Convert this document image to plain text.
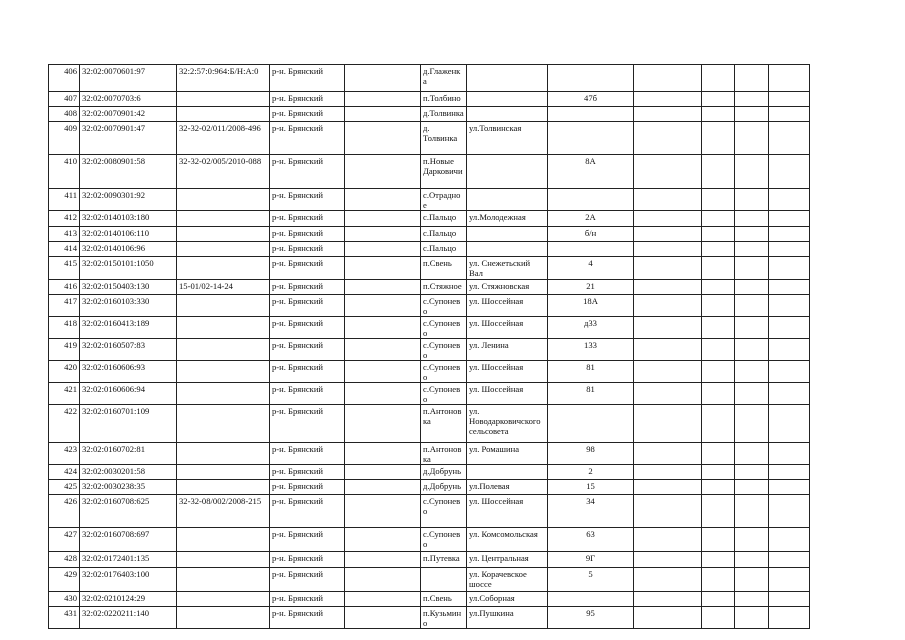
406	32:02:0070601:97	32:2:57:0:964:Б/Н:А:0	р-н. Брянский		д.Глаженка						
407	32:02:0070703:6		р-н. Брянский		п.Толбино		47б				
408	32:02:0070901:42		р-н. Брянский		д.Толвинка						
409	32:02:0070901:47	32-32-02/011/2008-496	р-н. Брянский		д. Толвинка	ул.Толвинская					
410	32:02:0080901:58	32-32-02/005/2010-088	р-н. Брянский		п.Новые Дарковичи		8А				
411	32:02:0090301:92		р-н. Брянский		с.Отрадное						
412	32:02:0140103:180		р-н. Брянский		с.Пальцо	ул.Молодежная	2А				
413	32:02:0140106:110		р-н. Брянский		с.Пальцо		б/н				
414	32:02:0140106:96		р-н. Брянский		с.Пальцо						
415	32:02:0150101:1050		р-н. Брянский		п.Свень	ул. Снежетьский Вал	4				
416	32:02:0150403:130	15-01/02-14-24	р-н. Брянский		п.Стяжное	ул. Стяжновская	21				
417	32:02:0160103:330		р-н. Брянский		с.Супонево	ул. Шоссейная	18А				
418	32:02:0160413:189		р-н. Брянский		с.Супонево	ул. Шоссейная	д33				
419	32:02:0160507:83		р-н. Брянский		с.Супонево	ул. Ленина	133				
420	32:02:0160606:93		р-н. Брянский		с.Супонево	ул. Шоссейная	81				
421	32:02:0160606:94		р-н. Брянский		с.Супонево	ул. Шоссейная	81				
422	32:02:0160701:109		р-н. Брянский		п.Антоновка	ул. Новодарковичского сельсовета					
423	32:02:0160702:81		р-н. Брянский		п.Антоновка	ул. Ромашина	98				
424	32:02:0030201:58		р-н. Брянский		д.Добрунь		2				
425	32:02:0030238:35		р-н. Брянский		д.Добрунь	ул.Полевая	15				
426	32:02:0160708:625	32-32-08/002/2008-215	р-н. Брянский		с.Супонево	ул. Шоссейная	34				
427	32:02:0160708:697		р-н. Брянский		с.Супонево	ул. Комсомольская	63				
428	32:02:0172401:135		р-н. Брянский		п.Путевка	ул. Центральная	9Г				
429	32:02:0176403:100		р-н. Брянский			ул. Корачевское шоссе	5				
430	32:02:0210124:29		р-н. Брянский		п.Свень	ул.Соборная					
431	32:02:0220211:140		р-н. Брянский		п.Кузьмино	ул.Пушкина	95				
